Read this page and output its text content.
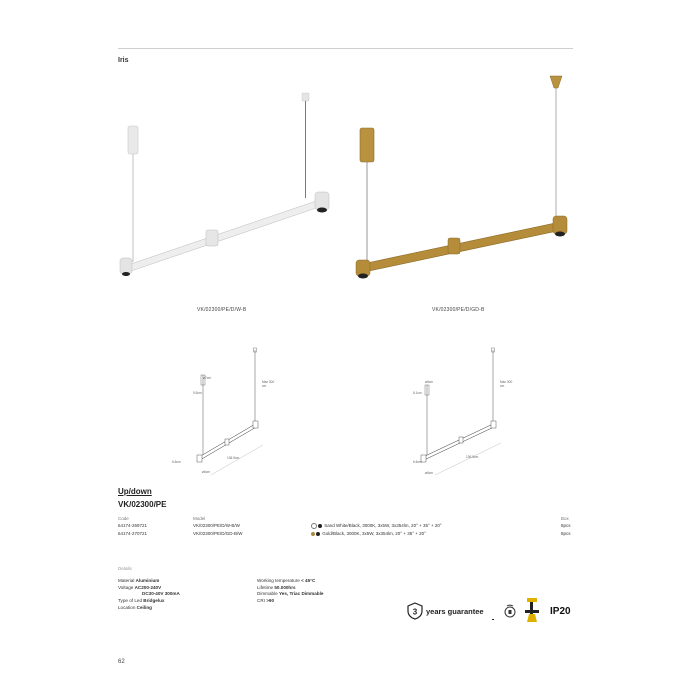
Iris
VK/02300/PE/D/W-B	VK/02300/PE/D/GD-B
ø7cm
9.5cm
Max 300 cm
6.6cm
136.5cm
ø6cm
ø6cm
6.1cm
Max 300 cm
6.6cm
136.5cm
ø6cm
Up/down
VK/02300/PE
Code	Model	Box
64174-269721	VK/02300/PE/D/W-B/W	Sand White/Black, 3000K, 3x5W, 3x354lm, 20° + 35° + 20°	8pcs
64174-270721	VK/02300/PE/D/GD-B/W	Gold/Black, 3000K, 3x5W, 3x354lm, 20° + 35° + 20°	8pcs
Details
Material Aluminium
Voltage AC200-240V
DC30-40V 300mA
Type of Led Bridgelux
Location Ceiling
Working temperature < 45°C
Lifetime 50.000hrs
Dimmable Yes, Triac Dimmable
CRI >90
3 years guarantee	IP20
62
